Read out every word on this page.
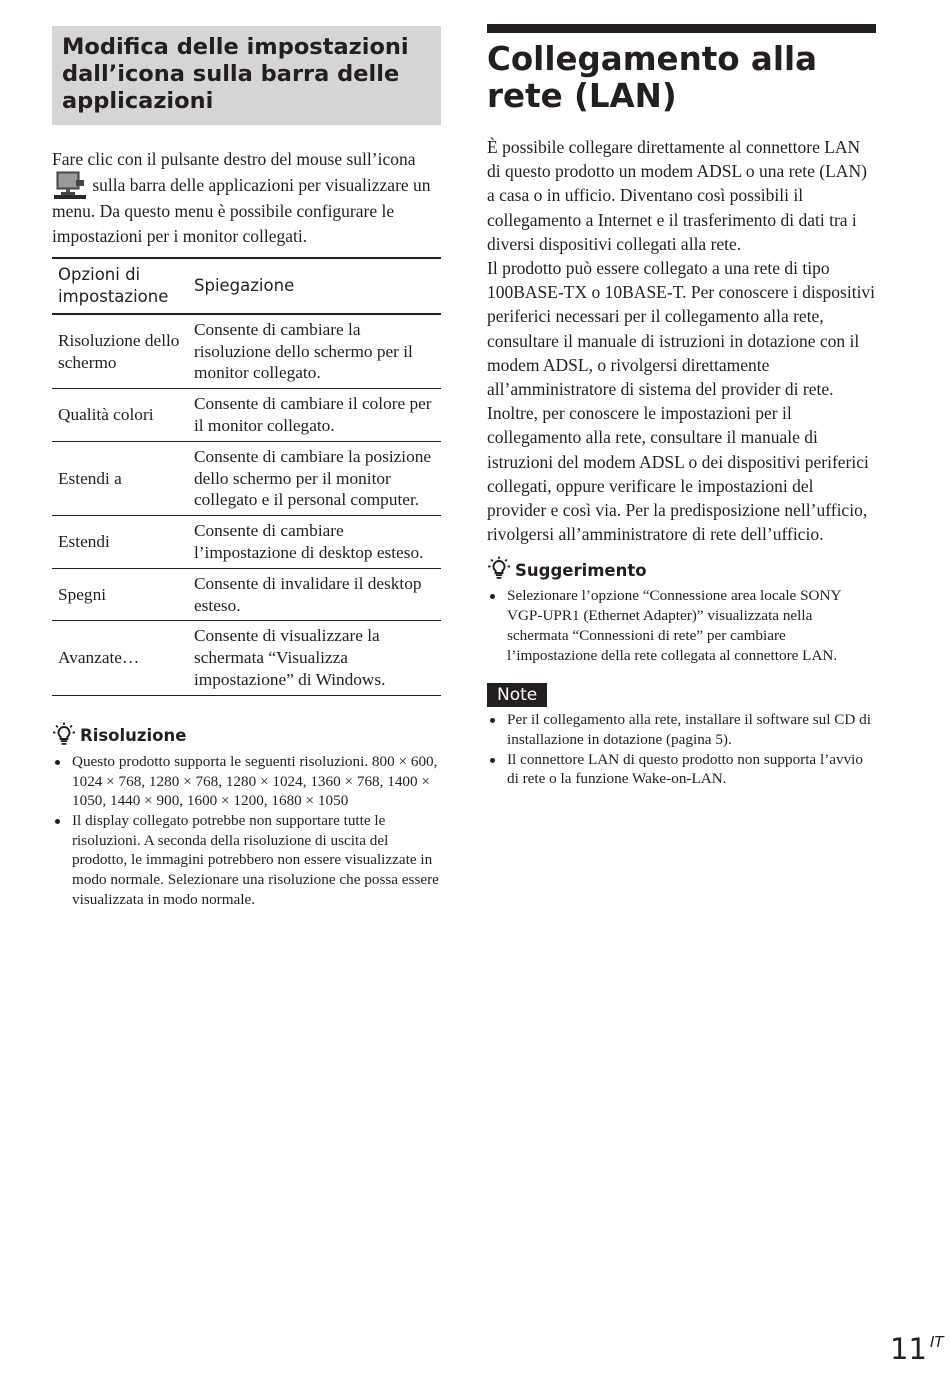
Modifica delle impostazioni dall’icona sulla barra delle applicazioni
Fare clic con il pulsante destro del mouse sull’icona  sulla barra delle applicazioni per visualizzare un menu. Da questo menu è possibile configurare le impostazioni per i monitor collegati.
Opzioni di impostazione	Spiegazione
Risoluzione dello schermo	Consente di cambiare la risoluzione dello schermo per il monitor collegato.
Qualità colori	Consente di cambiare il colore per il monitor collegato.
Estendi a	Consente di cambiare la posizione dello schermo per il monitor collegato e il personal computer.
Estendi	Consente di cambiare l’impostazione di desktop esteso.
Spegni	Consente di invalidare il desktop esteso.
Avanzate…	Consente di visualizzare la schermata “Visualizza impostazione” di Windows.
Risoluzione
Questo prodotto supporta le seguenti risoluzioni. 800 × 600, 1024 × 768, 1280 × 768, 1280 × 1024, 1360 × 768, 1400 × 1050, 1440 × 900, 1600 × 1200, 1680 × 1050
Il display collegato potrebbe non supportare tutte le risoluzioni. A seconda della risoluzione di uscita del prodotto, le immagini potrebbero non essere visualizzate in modo normale. Selezionare una risoluzione che possa essere visualizzata in modo normale.
Collegamento alla rete (LAN)

È possibile collegare direttamente al connettore LAN di questo prodotto un modem ADSL o una rete (LAN) a casa o in ufficio. Diventano così possibili il collegamento a Internet e il trasferimento di dati tra i diversi dispositivi collegati alla rete.

Il prodotto può essere collegato a una rete di tipo 100BASE-TX o 10BASE-T. Per conoscere i dispositivi periferici necessari per il collegamento alla rete, consultare il manuale di istruzioni in dotazione con il modem ADSL, o rivolgersi direttamente all’amministratore di sistema del provider di rete.

Inoltre, per conoscere le impostazioni per il collegamento alla rete, consultare il manuale di istruzioni del modem ADSL o dei dispositivi periferici collegati, oppure verificare le impostazioni del provider e così via. Per la predisposizione nell’ufficio, rivolgersi all’amministratore di rete dell’ufficio.

Suggerimento
Selezionare l’opzione “Connessione area locale SONY VGP-UPR1 (Ethernet Adapter)” visualizzata nella schermata “Connessioni di rete” per cambiare l’impostazione della rete collegata al connettore LAN.
Note
Per il collegamento alla rete, installare il software sul CD di installazione in dotazione (pagina 5).
Il connettore LAN di questo prodotto non supporta l’avvio di rete o la funzione Wake-on-LAN.
11 IT
